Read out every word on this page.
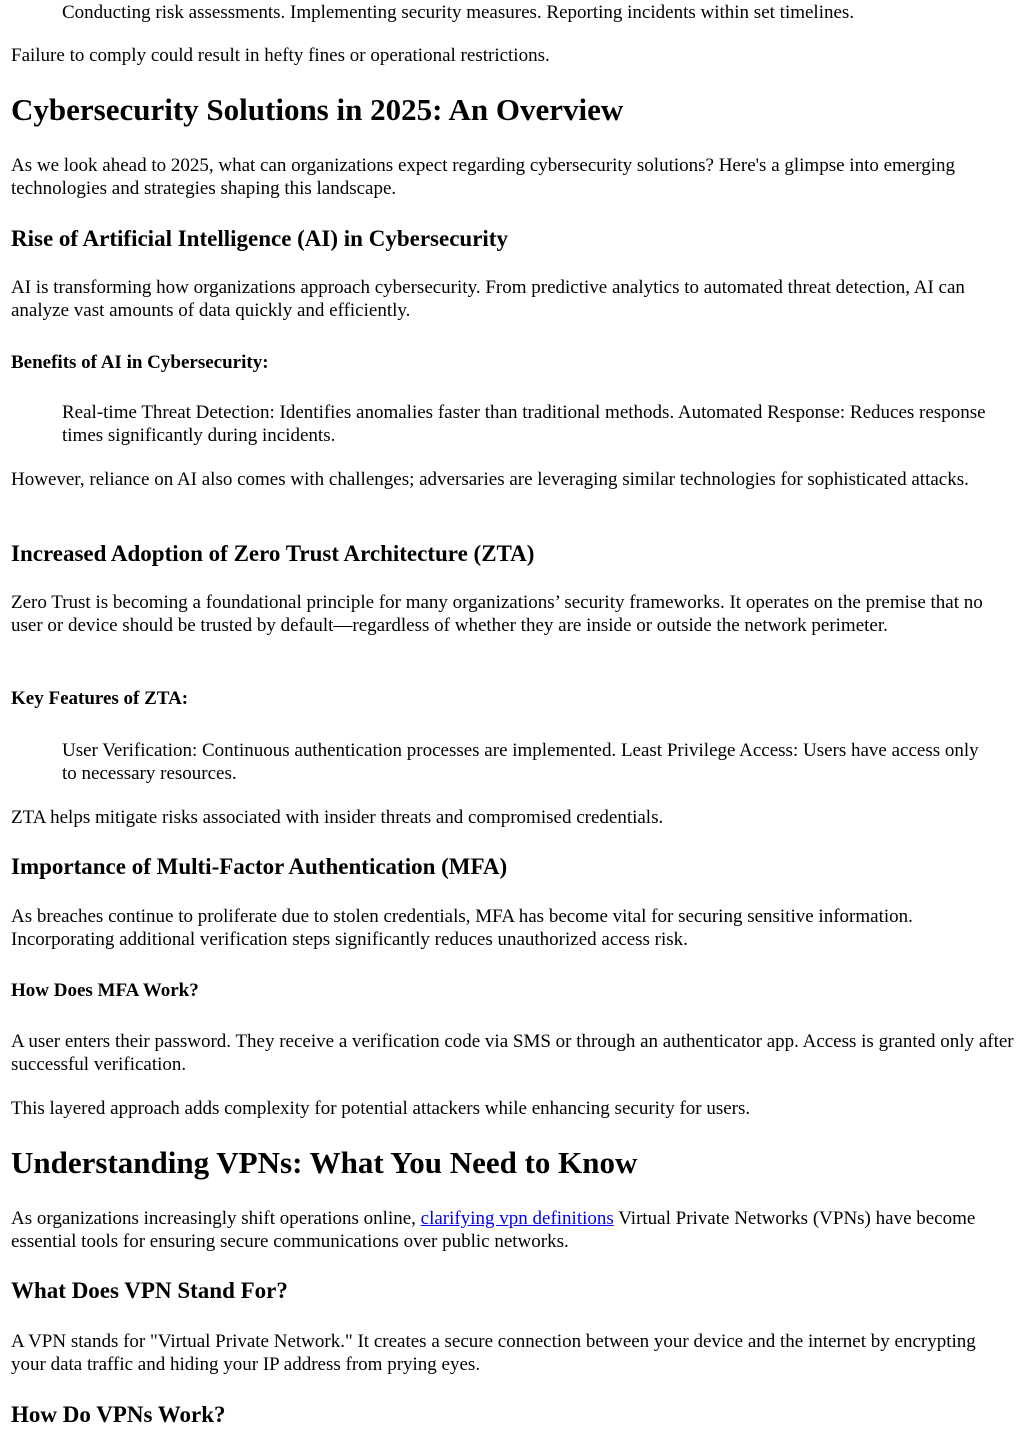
Conducting risk assessments. Implementing security measures. Reporting incidents within set timelines.

Failure to comply could result in hefty fines or operational restrictions.

Cybersecurity Solutions in 2025: An Overview

As we look ahead to 2025, what can organizations expect regarding cybersecurity solutions? Here's a glimpse into emerging technologies and strategies shaping this landscape.

Rise of Artificial Intelligence (AI) in Cybersecurity

AI is transforming how organizations approach cybersecurity. From predictive analytics to automated threat detection, AI can analyze vast amounts of data quickly and efficiently.

Benefits of AI in Cybersecurity:

Real-time Threat Detection: Identifies anomalies faster than traditional methods. Automated Response: Reduces response times significantly during incidents.

However, reliance on AI also comes with challenges; adversaries are leveraging similar technologies for sophisticated attacks.

Increased Adoption of Zero Trust Architecture (ZTA)

Zero Trust is becoming a foundational principle for many organizations’ security frameworks. It operates on the premise that no user or device should be trusted by default—regardless of whether they are inside or outside the network perimeter.

Key Features of ZTA:

User Verification: Continuous authentication processes are implemented. Least Privilege Access: Users have access only to necessary resources.

ZTA helps mitigate risks associated with insider threats and compromised credentials.

Importance of Multi-Factor Authentication (MFA)

As breaches continue to proliferate due to stolen credentials, MFA has become vital for securing sensitive information. Incorporating additional verification steps significantly reduces unauthorized access risk.

How Does MFA Work?

A user enters their password. They receive a verification code via SMS or through an authenticator app. Access is granted only after successful verification.

This layered approach adds complexity for potential attackers while enhancing security for users.

Understanding VPNs: What You Need to Know

As organizations increasingly shift operations online, clarifying vpn definitions Virtual Private Networks (VPNs) have become essential tools for ensuring secure communications over public networks.

What Does VPN Stand For?

A VPN stands for "Virtual Private Network." It creates a secure connection between your device and the internet by encrypting your data traffic and hiding your IP address from prying eyes.

How Do VPNs Work?
